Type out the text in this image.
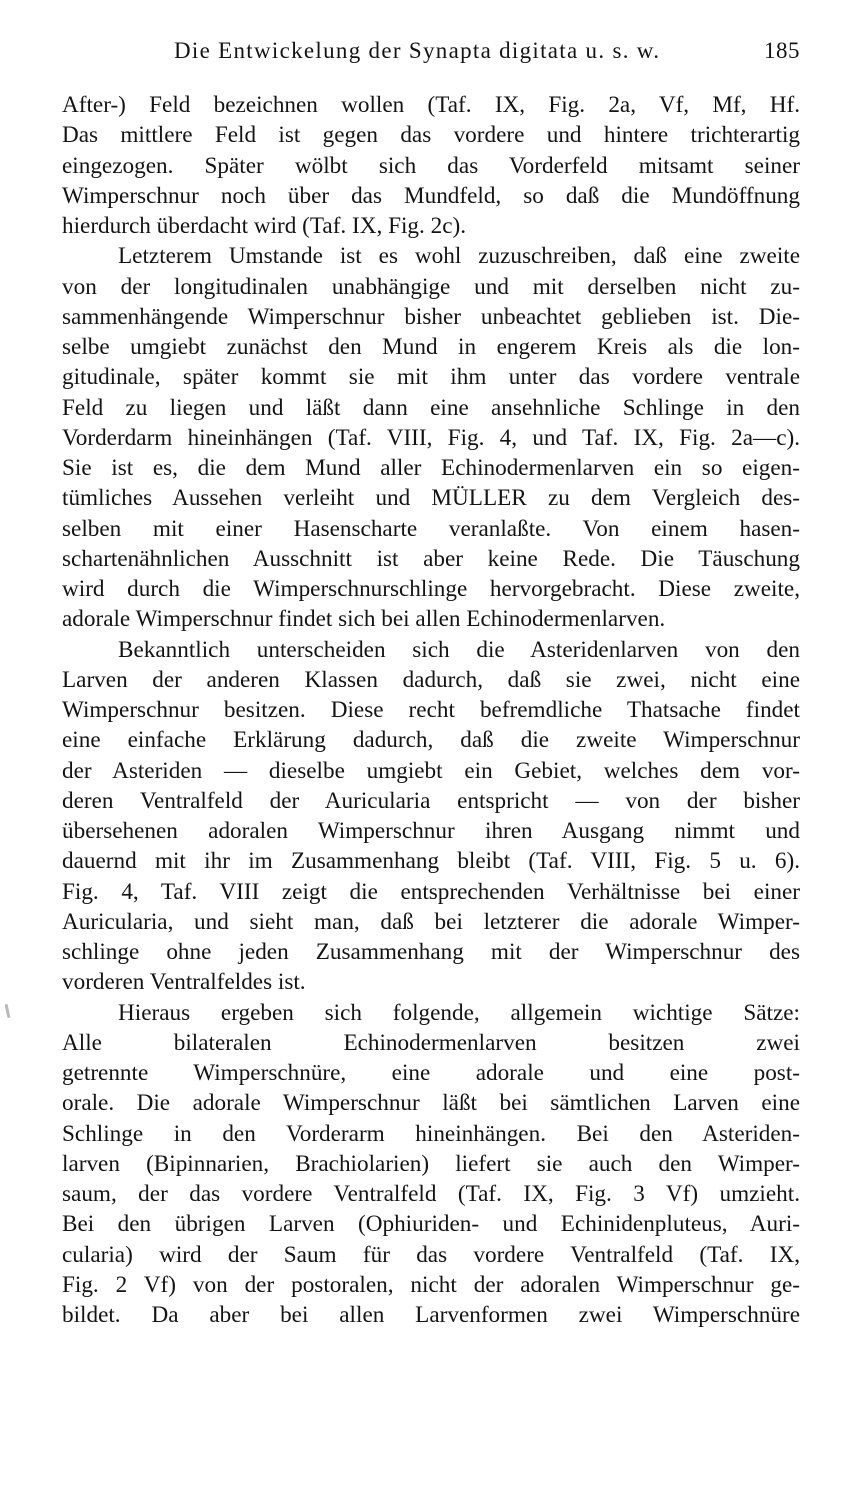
Die Entwickelung der Synapta digitata u. s. w.	185
After-) Feld bezeichnen wollen (Taf. IX, Fig. 2a, Vf, Mf, Hf.
Das mittlere Feld ist gegen das vordere und hintere trichterartig
eingezogen. Später wölbt sich das Vorderfeld mitsamt seiner
Wimperschnur noch über das Mundfeld, so daß die Mundöffnung
hierdurch überdacht wird (Taf. IX, Fig. 2c).
Letzterem Umstande ist es wohl zuzuschreiben, daß eine zweite
von der longitudinalen unabhängige und mit derselben nicht zu-
sammenhängende Wimperschnur bisher unbeachtet geblieben ist. Die-
selbe umgiebt zunächst den Mund in engerem Kreis als die lon-
gitudinale, später kommt sie mit ihm unter das vordere ventrale
Feld zu liegen und läßt dann eine ansehnliche Schlinge in den
Vorderdarm hineinhängen (Taf. VIII, Fig. 4, und Taf. IX, Fig. 2a—c).
Sie ist es, die dem Mund aller Echinodermenlarven ein so eigen-
tümliches Aussehen verleiht und MÜLLER zu dem Vergleich des-
selben mit einer Hasenscharte veranlaßte. Von einem hasen-
schartenähnlichen Ausschnitt ist aber keine Rede. Die Täuschung
wird durch die Wimperschnurschlinge hervorgebracht. Diese zweite,
adorale Wimperschnur findet sich bei allen Echinodermenlarven.
Bekanntlich unterscheiden sich die Asteridenlarven von den
Larven der anderen Klassen dadurch, daß sie zwei, nicht eine
Wimperschnur besitzen. Diese recht befremdliche Thatsache findet
eine einfache Erklärung dadurch, daß die zweite Wimperschnur
der Asteriden — dieselbe umgiebt ein Gebiet, welches dem vor-
deren Ventralfeld der Auricularia entspricht — von der bisher
übersehenen adoralen Wimperschnur ihren Ausgang nimmt und
dauernd mit ihr im Zusammenhang bleibt (Taf. VIII, Fig. 5 u. 6).
Fig. 4, Taf. VIII zeigt die entsprechenden Verhältnisse bei einer
Auricularia, und sieht man, daß bei letzterer die adorale Wimper-
schlinge ohne jeden Zusammenhang mit der Wimperschnur des
vorderen Ventralfeldes ist.
Hieraus ergeben sich folgende, allgemein wichtige Sätze:
Alle bilateralen Echinodermenlarven besitzen zwei
getrennte Wimperschnüre, eine adorale und eine post-
orale. Die adorale Wimperschnur läßt bei sämtlichen Larven eine
Schlinge in den Vorderarm hineinhängen. Bei den Asteriden-
larven (Bipinnarien, Brachiolarien) liefert sie auch den Wimper-
saum, der das vordere Ventralfeld (Taf. IX, Fig. 3 Vf) umzieht.
Bei den übrigen Larven (Ophiuriden- und Echinidenpluteus, Auri-
cularia) wird der Saum für das vordere Ventralfeld (Taf. IX,
Fig. 2 Vf) von der postoralen, nicht der adoralen Wimperschnur ge-
bildet. Da aber bei allen Larvenformen zwei Wimperschnüre
